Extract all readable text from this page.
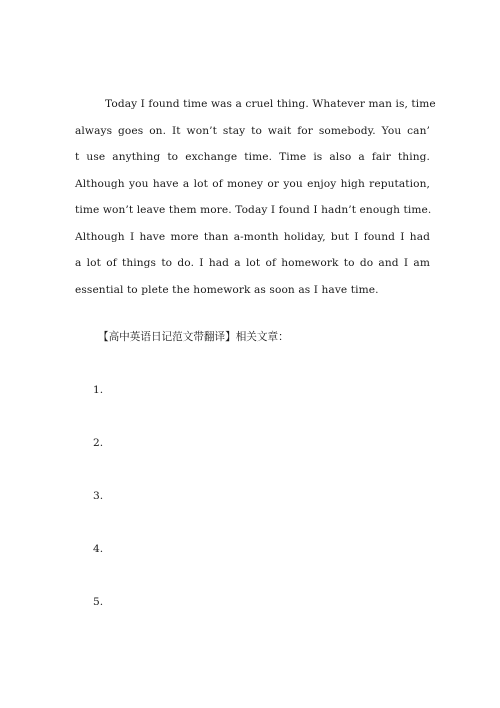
Today I found time was a cruel thing. Whatever man is, time
always goes on. It won’t stay to wait for somebody. You can’
t use anything to exchange time. Time is also a fair thing.
Although you have a lot of money or you enjoy high reputation,
time won’t leave them more. Today I found I hadn’t enough time.
Although I have more than a-month holiday, but I found I had
a lot of things to do. I had a lot of homework to do and I am
essential to plete the homework as soon as I have time.

【高中英语日记范文带翻译】相关文章：

1.
2.
3.
4.
5.
